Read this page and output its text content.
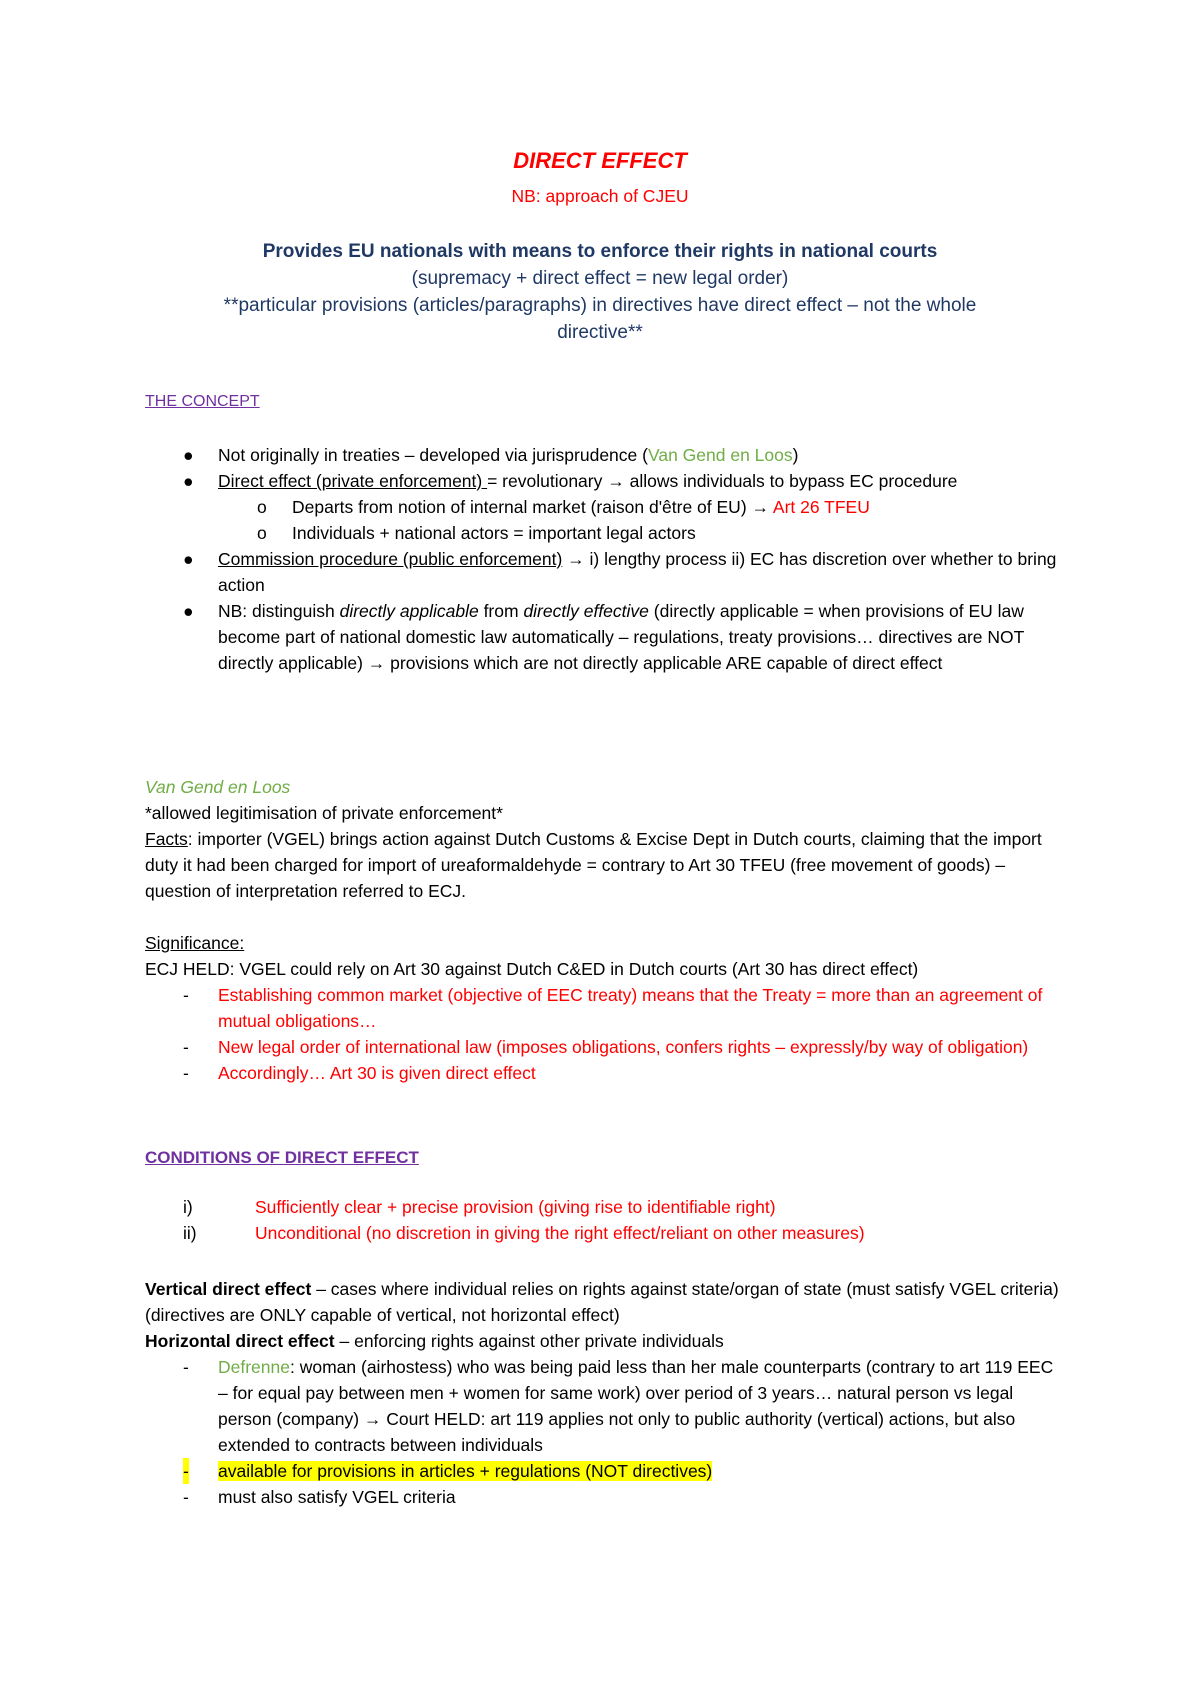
DIRECT EFFECT
NB: approach of CJEU
Provides EU nationals with means to enforce their rights in national courts
(supremacy + direct effect = new legal order)
**particular provisions (articles/paragraphs) in directives have direct effect – not the whole directive**
THE CONCEPT
● Not originally in treaties – developed via jurisprudence (Van Gend en Loos)
● Direct effect (private enforcement) = revolutionary → allows individuals to bypass EC procedure
o Departs from notion of internal market (raison d'être of EU) → Art 26 TFEU
o Individuals + national actors = important legal actors
● Commission procedure (public enforcement) → i) lengthy process ii) EC has discretion over whether to bring action
● NB: distinguish directly applicable from directly effective (directly applicable = when provisions of EU law become part of national domestic law automatically – regulations, treaty provisions… directives are NOT directly applicable) → provisions which are not directly applicable ARE capable of direct effect
Van Gend en Loos
*allowed legitimisation of private enforcement*
Facts: importer (VGEL) brings action against Dutch Customs & Excise Dept in Dutch courts, claiming that the import duty it had been charged for import of ureaformaldehyde = contrary to Art 30 TFEU (free movement of goods) – question of interpretation referred to ECJ.
Significance:
ECJ HELD: VGEL could rely on Art 30 against Dutch C&ED in Dutch courts (Art 30 has direct effect)
- Establishing common market (objective of EEC treaty) means that the Treaty = more than an agreement of mutual obligations…
- New legal order of international law (imposes obligations, confers rights – expressly/by way of obligation)
- Accordingly… Art 30 is given direct effect
CONDITIONS OF DIRECT EFFECT
i)	Sufficiently clear + precise provision (giving rise to identifiable right)
ii)	Unconditional (no discretion in giving the right effect/reliant on other measures)
Vertical direct effect – cases where individual relies on rights against state/organ of state (must satisfy VGEL criteria) (directives are ONLY capable of vertical, not horizontal effect)
Horizontal direct effect – enforcing rights against other private individuals
- Defrenne: woman (airhostess) who was being paid less than her male counterparts (contrary to art 119 EEC – for equal pay between men + women for same work) over period of 3 years… natural person vs legal person (company) → Court HELD: art 119 applies not only to public authority (vertical) actions, but also extended to contracts between individuals
- available for provisions in articles + regulations (NOT directives)
- must also satisfy VGEL criteria
